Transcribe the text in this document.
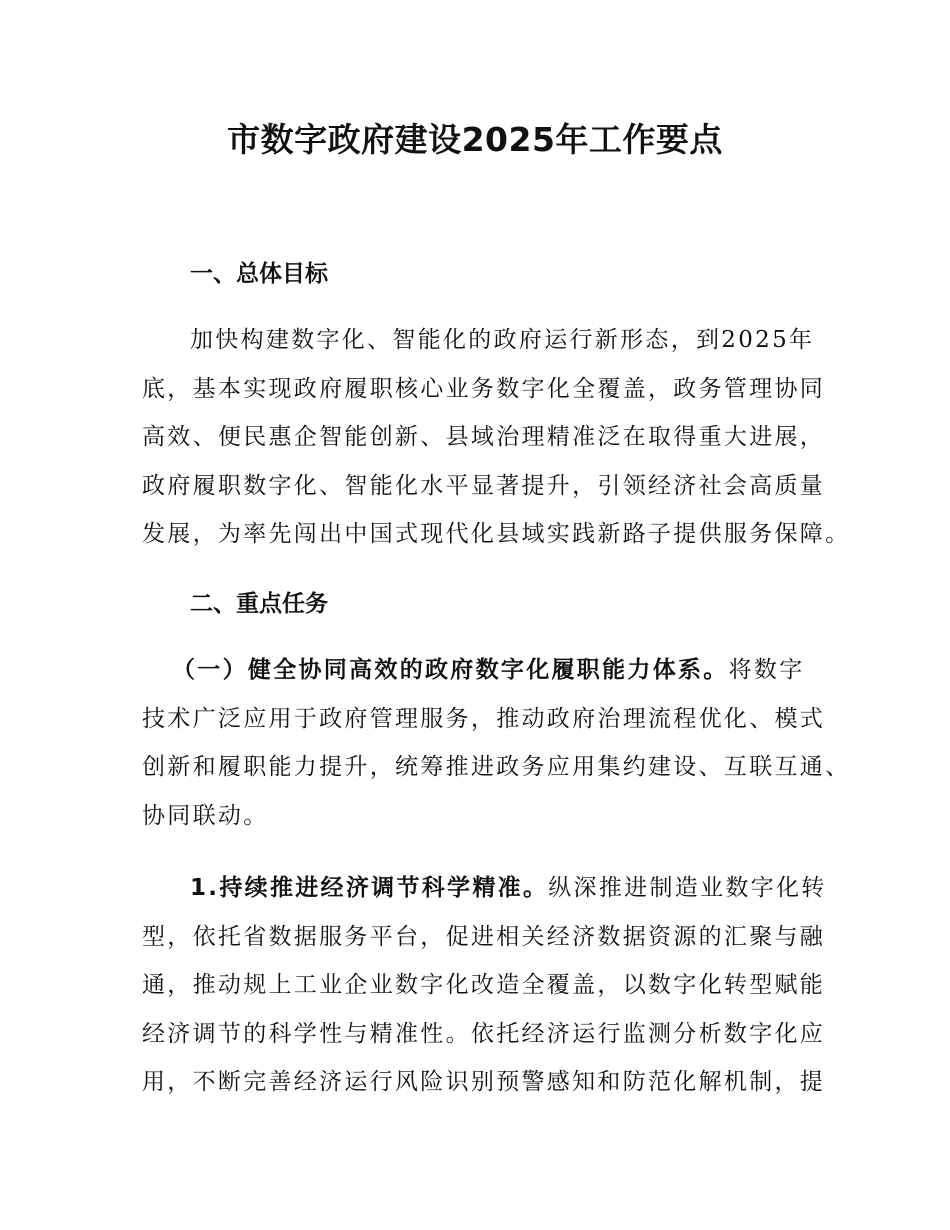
市数字政府建设2025年工作要点
一、总体目标
加快构建数字化、智能化的政府运行新形态，到2025年
底，基本实现政府履职核心业务数字化全覆盖，政务管理协同
高效、便民惠企智能创新、县域治理精准泛在取得重大进展，
政府履职数字化、智能化水平显著提升，引领经济社会高质量
发展，为率先闯出中国式现代化县域实践新路子提供服务保障。
二、重点任务
（一）健全协同高效的政府数字化履职能力体系。将数字
技术广泛应用于政府管理服务，推动政府治理流程优化、模式
创新和履职能力提升，统筹推进政务应用集约建设、互联互通、
协同联动。
1.持续推进经济调节科学精准。纵深推进制造业数字化转
型，依托省数据服务平台，促进相关经济数据资源的汇聚与融
通，推动规上工业企业数字化改造全覆盖，以数字化转型赋能
经济调节的科学性与精准性。依托经济运行监测分析数字化应
用，不断完善经济运行风险识别预警感知和防范化解机制，提
